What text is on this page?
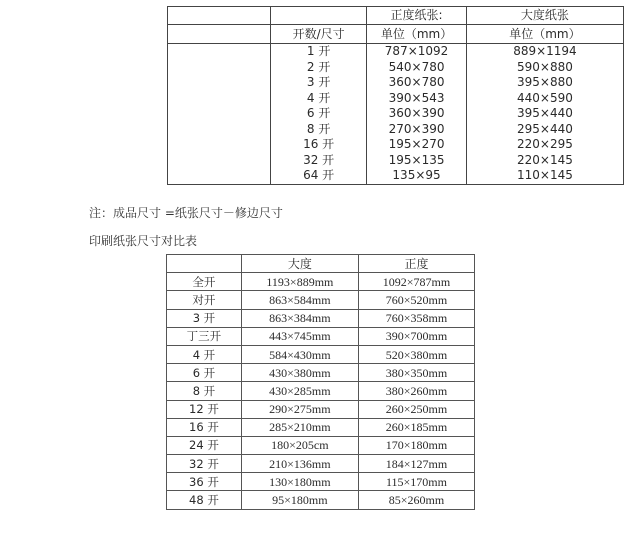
		正度纸张:	大度纸张
	开数/尺寸	单位（mm）	单位（mm）
	1 开	787×1092	889×1194
	2 开	540×780	590×880
	3 开	360×780	395×880
	4 开	390×543	440×590
	6 开	360×390	395×440
	8 开	270×390	295×440
	16 开	195×270	220×295
	32 开	195×135	220×145
	64 开	135×95	110×145
注：成品尺寸 =纸张尺寸－修边尺寸
印刷纸张尺寸对比表
	大度	正度
全开	1193×889mm	1092×787mm
对开	863×584mm	760×520mm
3 开	863×384mm	760×358mm
丁三开	443×745mm	390×700mm
4 开	584×430mm	520×380mm
6 开	430×380mm	380×350mm
8 开	430×285mm	380×260mm
12 开	290×275mm	260×250mm
16 开	285×210mm	260×185mm
24 开	180×205cm	170×180mm
32 开	210×136mm	184×127mm
36 开	130×180mm	115×170mm
48 开	95×180mm	85×260mm
